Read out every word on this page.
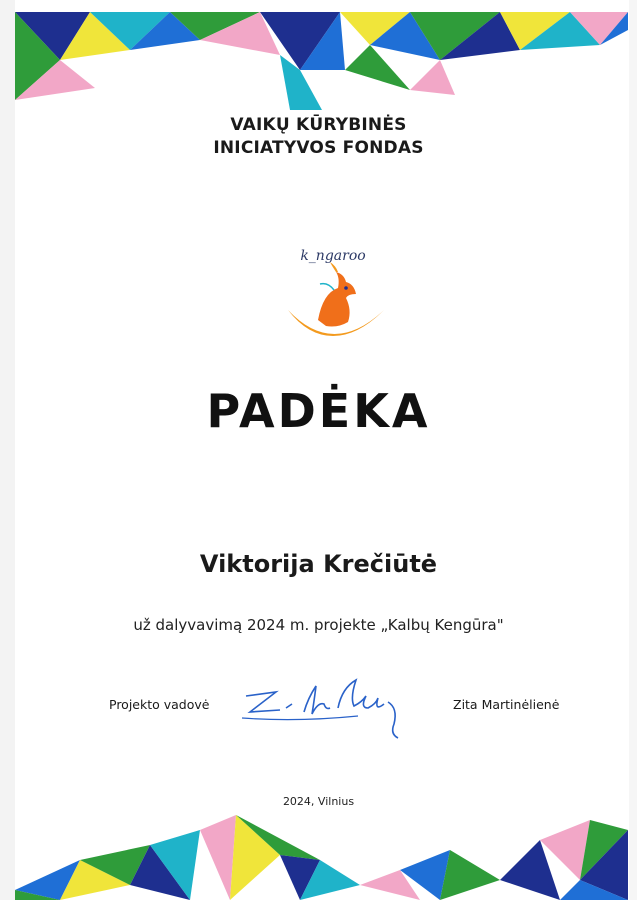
VAIKŲ KŪRYBINĖS
INICIATYVOS FONDAS
k_ngaroo
PADĖKA
Viktorija Krečiūtė
už dalyvavimą 2024 m. projekte „Kalbų Kengūra"
Projekto vadovė	Zita Martinėlienė
2024, Vilnius
